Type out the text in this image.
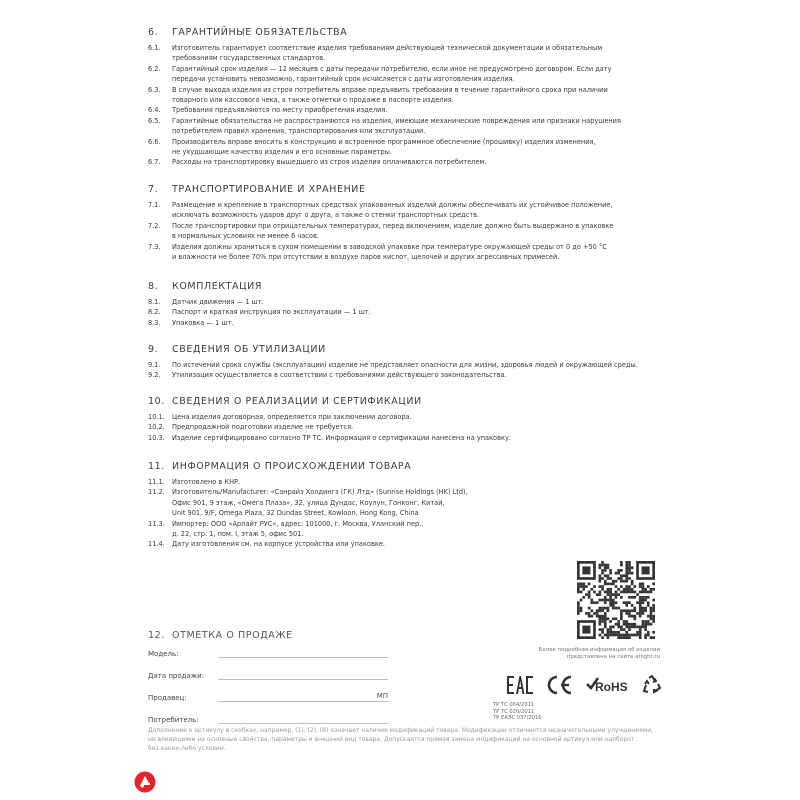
6.	ГАРАНТИЙНЫЕ ОБЯЗАТЕЛЬСТВА
6.1.	Изготовитель гарантирует соответствие изделия требованиям действующей технической документации и обязательным
требованиям государственных стандартов.
6.2.	Гарантийный срок изделия — 12 месяцев с даты передачи потребителю, если иное не предусмотрено договором. Если дату
передачи установить невозможно, гарантийный срок исчисляется с даты изготовления изделия.
6.3.	В случае выхода изделия из строя потребитель вправе предъявить требования в течение гарантийного срока при наличии
товарного или кассового чека, а также отметки о продаже в паспорте изделия.
6.4.	Требования предъявляются по месту приобретения изделия.
6.5.	Гарантийные обязательства не распространяются на изделия, имеющие механические повреждения или признаки нарушения
потребителем правил хранения, транспортирования или эксплуатации.
6.6.	Производитель вправе вносить в конструкцию и встроенное программное обеспечение (прошивку) изделия изменения,
не ухудшающие качество изделия и его основные параметры.
6.7.	Расходы на транспортировку вышедшего из строя изделия оплачиваются потребителем.
7.	ТРАНСПОРТИРОВАНИЕ И ХРАНЕНИЕ
7.1.	Размещение и крепление в транспортных средствах упакованных изделий должны обеспечивать их устойчивое положение,
исключать возможность ударов друг о друга, а также о стенки транспортных средств.
7.2.	После транспортировки при отрицательных температурах, перед включением, изделие должно быть выдержано в упаковке
в нормальных условиях не менее 6 часов.
7.3.	Изделия должны храниться в сухом помещении в заводской упаковке при температуре окружающей среды от 0 до +50 °С
и влажности не более 70% при отсутствии в воздухе паров кислот, щелочей и других агрессивных примесей.
8.	КОМПЛЕКТАЦИЯ
8.1.	Датчик движения — 1 шт.
8.2.	Паспорт и краткая инструкция по эксплуатации — 1 шт.
8.3.	Упаковка — 1 шт.
9.	СВЕДЕНИЯ ОБ УТИЛИЗАЦИИ
9.1.	По истечении срока службы (эксплуатации) изделие не представляет опасности для жизни, здоровья людей и окружающей среды.
9.2.	Утилизация осуществляется в соответствии с требованиями действующего законодательства.
10. СВЕДЕНИЯ О РЕАЛИЗАЦИИ И СЕРТИФИКАЦИИ
10.1.	Цена изделия договорная, определяется при заключении договора.
10.2.	Предпродажной подготовки изделие не требуется.
10.3.	Изделие сертифицировано согласно ТР ТС. Информация о сертификации нанесена на упаковку.
11. ИНФОРМАЦИЯ О ПРОИСХОЖДЕНИИ ТОВАРА
11.1.	Изготовлено в КНР.
11.2.	Изготовитель/Manufacturer: «Санрайз Холдингз (ГК) Лтд» (Sunrise Holdings (HK) Ltd),
Офис 901, 9 этаж, «Омега Плаза», 32, улица Дундас, Коулун, Гонконг, Китай,
Unit 901, 9/F, Omega Plaza, 32 Dundas Street, Kowloon, Hong Kong, China
11.3.	Импортер: ООО «Арлайт РУС», адрес: 101000, г. Москва, Уланский пер.,
д. 22, стр. 1, пом. I, этаж 5, офис 501.
11.4.	Дату изготовления см. на корпусе устройства или упаковке.
12. ОТМЕТКА О ПРОДАЖЕ
Модель:
Дата продажи:
Продавец:	МП
Потребитель:
Более подробная информация об изделии
представлена на сайте arlight.ru
RoHS
ТР ТС 004/2011
ТР ТС 020/2011
ТР ЕАЭС 037/2016
Дополнение к артикулу в скобках, например, (1), (2), (B) означает наличие модификаций товара. Модификации отличаются незначительными улучшениями,
не влияющими на основные свойства, параметры и внешний вид товара. Допускается прямая замена модификаций на основной артикул или наоборот
без каких-либо условий.
